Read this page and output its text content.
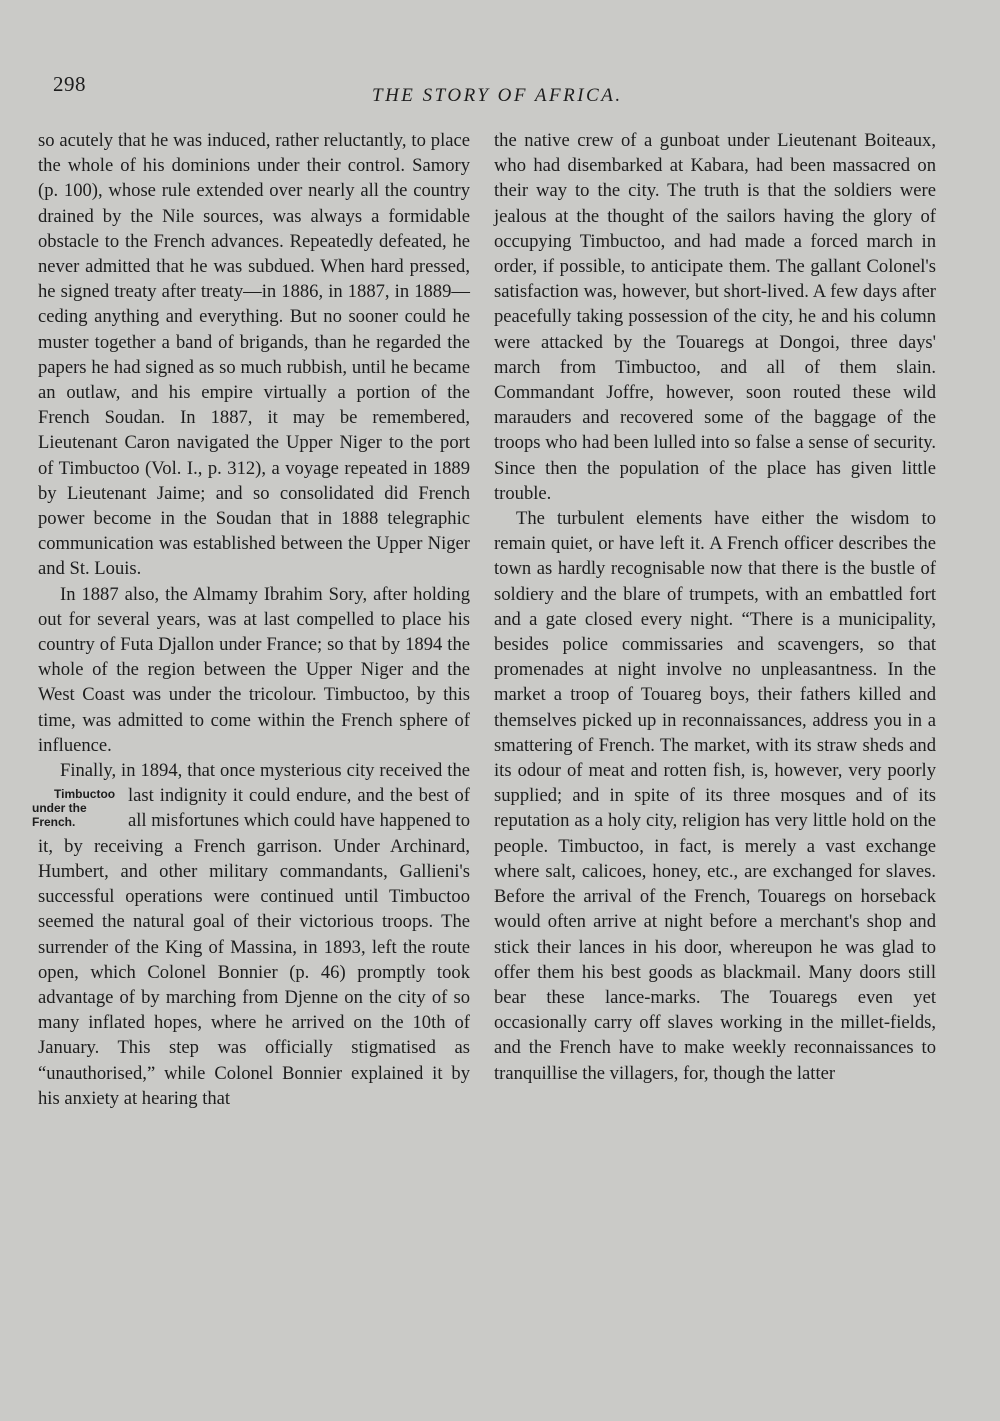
298	THE STORY OF AFRICA.

so acutely that he was induced, rather reluctantly, to place the whole of his dominions under their control. Samory (p. 100), whose rule extended over nearly all the country drained by the Nile sources, was always a formidable obstacle to the French advances. Repeatedly defeated, he never admitted that he was subdued. When hard pressed, he signed treaty after treaty—in 1886, in 1887, in 1889—ceding anything and everything. But no sooner could he muster together a band of brigands, than he regarded the papers he had signed as so much rubbish, until he became an outlaw, and his empire virtually a portion of the French Soudan. In 1887, it may be remembered, Lieutenant Caron navigated the Upper Niger to the port of Timbuctoo (Vol. I., p. 312), a voyage repeated in 1889 by Lieutenant Jaime; and so consolidated did French power become in the Soudan that in 1888 telegraphic communication was established between the Upper Niger and St. Louis.

In 1887 also, the Almamy Ibrahim Sory, after holding out for several years, was at last compelled to place his country of Futa Djallon under France; so that by 1894 the whole of the region between the Upper Niger and the West Coast was under the tricolour. Timbuctoo, by this time, was admitted to come within the French sphere of influence.

Finally, in 1894, that once mysterious city received the last indignity it could endure,
Timbuctoo under the French.
and the best of all misfortunes which could have happened to it, by receiving a French garrison. Under Archinard, Humbert, and other military commandants, Gallieni's successful operations were continued until Timbuctoo seemed the natural goal of their victorious troops. The surrender of the King of Massina, in 1893, left the route open, which Colonel Bonnier (p. 46) promptly took advantage of by marching from Djenne on the city of so many inflated hopes, where he arrived on the 10th of January. This step was officially stigmatised as “unauthorised,” while Colonel Bonnier explained it by his anxiety at hearing that

the native crew of a gunboat under Lieutenant Boiteaux, who had disembarked at Kabara, had been massacred on their way to the city. The truth is that the soldiers were jealous at the thought of the sailors having the glory of occupying Timbuctoo, and had made a forced march in order, if possible, to anticipate them. The gallant Colonel's satisfaction was, however, but short-lived. A few days after peacefully taking possession of the city, he and his column were attacked by the Touaregs at Dongoi, three days' march from Timbuctoo, and all of them slain. Commandant Joffre, however, soon routed these wild marauders and recovered some of the baggage of the troops who had been lulled into so false a sense of security. Since then the population of the place has given little trouble.

The turbulent elements have either the wisdom to remain quiet, or have left it. A French officer describes the town as hardly recognisable now that there is the bustle of soldiery and the blare of trumpets, with an embattled fort and a gate closed every night. “There is a municipality, besides police commissaries and scavengers, so that promenades at night involve no unpleasantness. In the market a troop of Touareg boys, their fathers killed and themselves picked up in reconnaissances, address you in a smattering of French. The market, with its straw sheds and its odour of meat and rotten fish, is, however, very poorly supplied; and in spite of its three mosques and of its reputation as a holy city, religion has very little hold on the people. Timbuctoo, in fact, is merely a vast exchange where salt, calicoes, honey, etc., are exchanged for slaves. Before the arrival of the French, Touaregs on horseback would often arrive at night before a merchant's shop and stick their lances in his door, whereupon he was glad to offer them his best goods as blackmail. Many doors still bear these lance-marks. The Touaregs even yet occasionally carry off slaves working in the millet-fields, and the French have to make weekly reconnaissances to tranquillise the villagers, for, though the latter
